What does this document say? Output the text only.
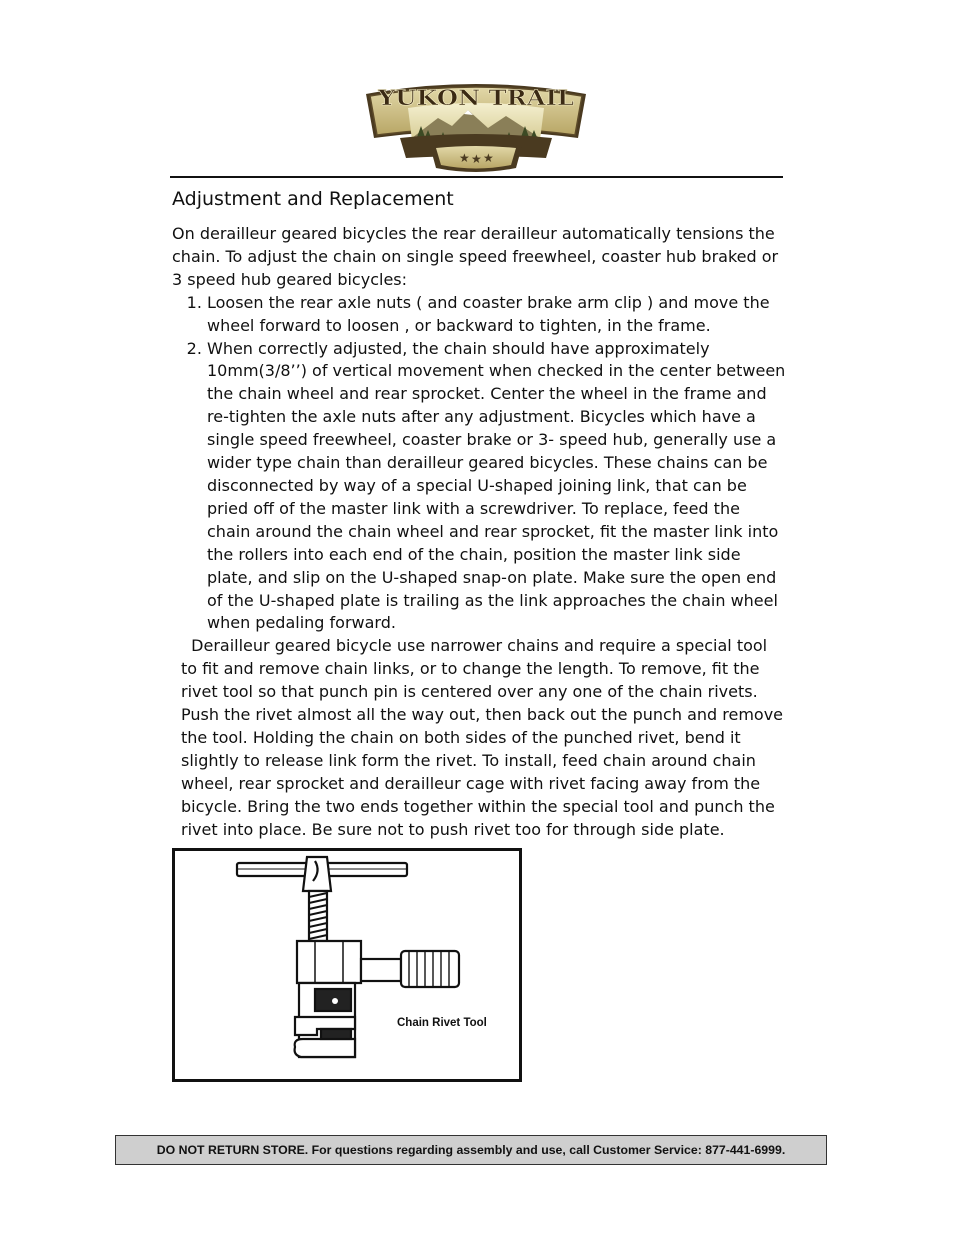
★ ★ ★
YUKON TRAIL
Adjustment and Replacement

On derailleur geared bicycles the rear derailleur automatically tensions the chain. To adjust the chain on single speed freewheel, coaster hub braked or 3 speed hub geared bicycles:

1. Loosen the rear axle nuts ( and coaster brake arm clip ) and move the wheel forward to loosen , or backward to tighten, in the frame.
2. When correctly adjusted, the chain should have approximately 10mm(3/8’’) of vertical movement when checked in the center between the chain wheel and rear sprocket. Center the wheel in the frame and re-tighten the axle nuts after any adjustment. Bicycles which have a single speed freewheel, coaster brake or 3- speed hub, generally use a wider type chain than derailleur geared bicycles. These chains can be disconnected by way of a special U-shaped joining link, that can be pried off of the master link with a screwdriver. To replace, feed the chain around the chain wheel and rear sprocket, fit the master link into the rollers into each end of the chain, position the master link side plate, and slip on the U-shaped snap-on plate. Make sure the open end of the U-shaped plate is trailing as the link approaches the chain wheel when pedaling forward.

Derailleur geared bicycle use narrower chains and require a special tool to fit and remove chain links, or to change the length. To remove, fit the rivet tool so that punch pin is centered over any one of the chain rivets. Push the rivet almost all the way out, then back out the punch and remove the tool. Holding the chain on both sides of the punched rivet, bend it slightly to release link form the rivet. To install, feed chain around chain wheel, rear sprocket and derailleur cage with rivet facing away from the bicycle. Bring the two ends together within the special tool and punch the rivet into place. Be sure not to push rivet too for through side plate.

Chain Rivet Tool
DO NOT RETURN STORE. For questions regarding assembly and use, call Customer Service: 877-441-6999.
